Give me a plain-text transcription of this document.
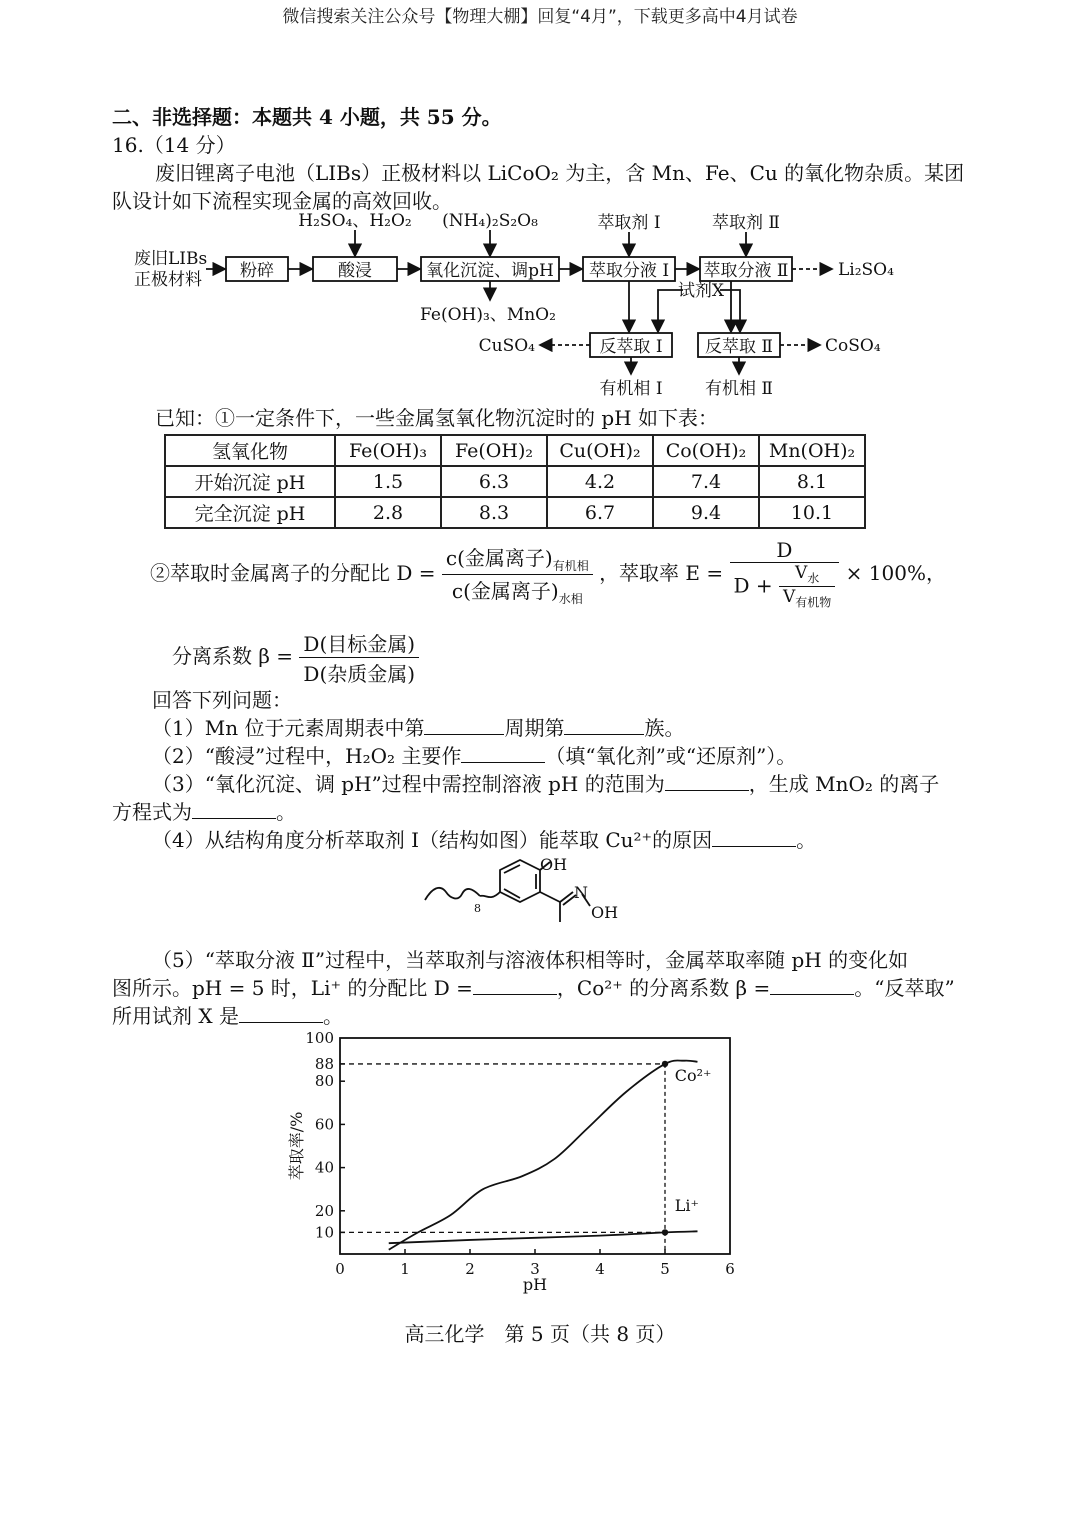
微信搜索关注公众号【物理大棚】回复“4月”，下载更多高中4月试卷
二、非选择题：本题共 4 小题，共 55 分。
16.（14 分）
废旧锂离子电池（LIBs）正极材料以 LiCoO₂ 为主，含 Mn、Fe、Cu 的氧化物杂质。某团
队设计如下流程实现金属的高效回收。
废旧LIBs
正极材料 粉碎	酸浸	氧化沉淀、调pH 萃取分液 Ⅰ 萃取分液 Ⅱ
反萃取 Ⅰ 反萃取 Ⅱ
H₂SO₄、H₂O₂ (NH₄)₂S₂O₈	萃取剂 Ⅰ	萃取剂 Ⅱ
试剂X
Fe(OH)₃、MnO₂
Li₂SO₄
CuSO₄	CoSO₄
有机相 Ⅰ 有机相 Ⅱ
已知：①一定条件下，一些金属氢氧化物沉淀时的 pH 如下表：
氢氧化物	Fe(OH)₃	Fe(OH)₂	Cu(OH)₂	Co(OH)₂	Mn(OH)₂
开始沉淀 pH	1.5	6.3	4.2	7.4	8.1
完全沉淀 pH	2.8	8.3	6.7	9.4	10.1
②萃取时金属离子的分配比 $D = \frac{c(金属离子)_{有机相}}{c(金属离子)_{水相}}$ ，萃取率 $E = \frac{D}{D + \frac{V_水}{V_{有机物}}} \times 100\%$，
分离系数 $\beta = \frac{\text{D(目标金属)}}{\text{D(杂质金属)}}$
回答下列问题：
（1）Mn 位于元素周期表中第	周期第	族。
（2）“酸浸”过程中，H₂O₂ 主要作	（填“氧化剂”或“还原剂”）。
（3）“氧化沉淀、调 pH”过程中需控制溶液 pH 的范围为	，生成 MnO₂ 的离子
方程式为	。
（4）从结构角度分析萃取剂 Ⅰ（结构如图）能萃取 Cu²⁺的原因	。
OH
N
OH
8
（5）“萃取分液 Ⅱ”过程中，当萃取剂与溶液体积相等时，金属萃取率随 pH 的变化如
图所示。pH = 5 时，Li⁺ 的分配比 D =	，Co²⁺ 的分离系数 β =	。“反萃取”
所用试剂 X 是	。
0	1	2	3	4	5	6
10
20
40
60
80
88
100
pH
萃取率/%
Co²⁺
Li⁺
高三化学　第 5 页（共 8 页）
